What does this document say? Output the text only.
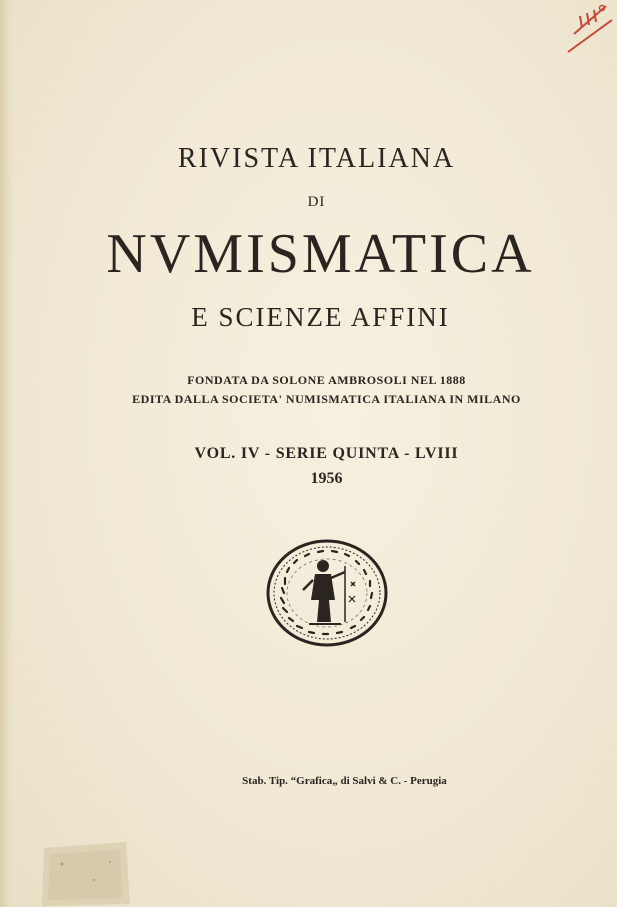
RIVISTA ITALIANA
DI
NVMISMATICA
E SCIENZE AFFINI
FONDATA DA SOLONE AMBROSOLI NEL 1888
EDITA DALLA SOCIETA' NUMISMATICA ITALIANA IN MILANO
VOL. IV - SERIE QUINTA - LVIII
1956
Stab. Tip. “Grafica„ di Salvi & C. - Perugia
